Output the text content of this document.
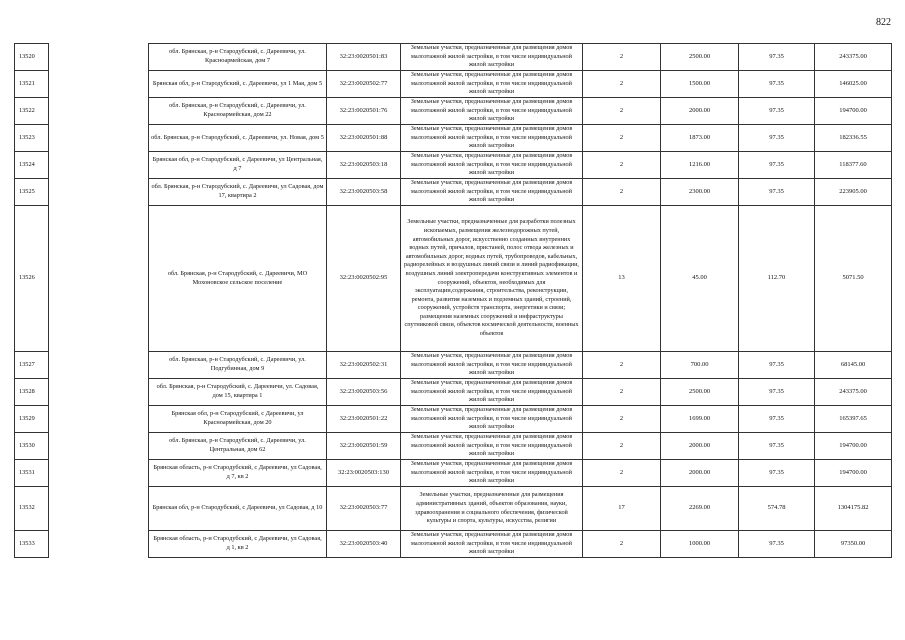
822
13520		обл. Брянская, р-н Стародубский, с. Дареевичи, ул. Красноармейская, дом 7	32:23:0020501:83	Земельные участки, предназначенные для размещения домов малоэтажной жилой застройки, в том числе индивидуальной жилой застройки	2	2500.00	97.35	243375.00
13521		Брянская обл, р-н Стародубский, с. Дареевичи, ул 1 Мая, дом 5	32:23:0020502:77	Земельные участки, предназначенные для размещения домов малоэтажной жилой застройки, в том числе индивидуальной жилой застройки	2	1500.00	97.35	146025.00
13522		обл. Брянская, р-н Стародубский, с. Дареевичи, ул. Красноармейская, дом 22	32:23:0020501:76	Земельные участки, предназначенные для размещения домов малоэтажной жилой застройки, в том числе индивидуальной жилой застройки	2	2000.00	97.35	194700.00
13523		обл. Брянская, р-н Стародубский, с. Дареевичи, ул. Новая, дом 5	32:23:0020501:88	Земельные участки, предназначенные для размещения домов малоэтажной жилой застройки, в том числе индивидуальной жилой застройки	2	1873.00	97.35	182336.55
13524		Брянская обл, р-н Стародубский, с Дареевичи, ул Центральная, д 7	32:23:0020503:18	Земельные участки, предназначенные для размещения домов малоэтажной жилой застройки, в том числе индивидуальной жилой застройки	2	1216.00	97.35	118377.60
13525		обл. Брянская, р-н Стародубский, с. Дареевичи, ул Садовая, дом 17, квартира 2	32:23:0020503:58	Земельные участки, предназначенные для размещения домов малоэтажной жилой застройки, в том числе индивидуальной жилой застройки	2	2300.00	97.35	223905.00
13526		обл. Брянская, р-н Стародубский, с. Дареевичи, МО Мохоновское сельское поселение	32:23:0020502:95	Земельные участки, предназначенные для разработки полезных ископаемых, размещения железнодорожных путей, автомобильных дорог, искусственно созданных внутренних водных путей, причалов, пристаней, полос отвода железных и автомобильных дорог, водных путей, трубопроводов, кабельных, радиорелейных и воздушных линий связи и линий радиофикации, воздушных линий электропередачи конструктивных элементов и сооружений, объектов, необходимых для эксплуатации,содержания, строительства, реконструкции, ремонта, развития наземных и подземных зданий, строений, сооружений, устройств транспорта, энергетики и связи; размещения наземных сооружений и инфраструктуры спутниковой связи, объектов космической деятельности, военных объектов	13	45.00	112.70	5071.50
13527		обл. Брянская, р-н Стародубский, с. Дареевичи, ул. Подгубинная, дом 9	32:23:0020502:31	Земельные участки, предназначенные для размещения домов малоэтажной жилой застройки, в том числе индивидуальной жилой застройки	2	700.00	97.35	68145.00
13528		обл. Брянская, р-н Стародубский, с. Дареевичи, ул. Садовая, дом 15, квартира 1	32:23:0020503:56	Земельные участки, предназначенные для размещения домов малоэтажной жилой застройки, в том числе индивидуальной жилой застройки	2	2500.00	97.35	243375.00
13529		Брянская обл, р-н Стародубский, с Дареевичи, ул Красноармейская, дом 20	32:23:0020501:22	Земельные участки, предназначенные для размещения домов малоэтажной жилой застройки, в том числе индивидуальной жилой застройки	2	1699.00	97.35	165397.65
13530		обл. Брянская, р-н Стародубский, с. Дареевичи, ул. Центральная, дом 62	32:23:0020501:59	Земельные участки, предназначенные для размещения домов малоэтажной жилой застройки, в том числе индивидуальной жилой застройки	2	2000.00	97.35	194700.00
13531		Брянская область, р-н Стародубский, с Дареевичи, ул Садовая, д 7, кв 2	32:23:0020503:130	Земельные участки, предназначенные для размещения домов малоэтажной жилой застройки, в том числе индивидуальной жилой застройки	2	2000.00	97.35	194700.00
13532		Брянская обл, р-н Стародубский, с Дареевичи, ул Садовая, д 10	32:23:0020503:77	Земельные участки, предназначенные для размещения административных зданий, объектов образования, науки, здравоохранения и социального обеспечения, физической культуры и спорта, культуры, искусства, религии	17	2269.00	574.78	1304175.82
13533		Брянская область, р-н Стародубский, с Дареевичи, ул Садовая, д 1, кв 2	32:23:0020503:40	Земельные участки, предназначенные для размещения домов малоэтажной жилой застройки, в том числе индивидуальной жилой застройки	2	1000.00	97.35	97350.00
